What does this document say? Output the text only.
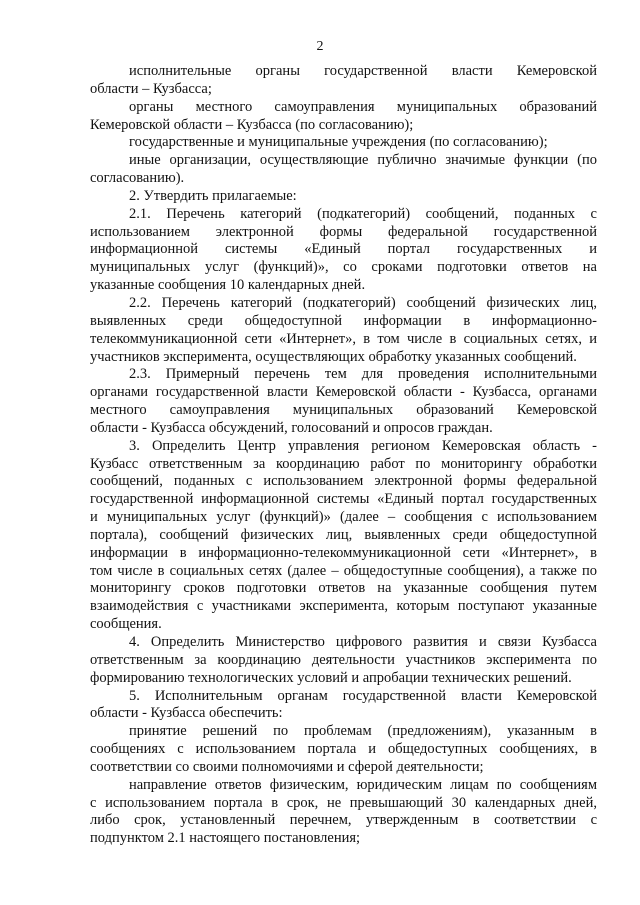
2
исполнительные органы государственной власти Кемеровской
области – Кузбасса;
органы местного самоуправления муниципальных образований
Кемеровской области – Кузбасса (по согласованию);
государственные и муниципальные учреждения (по согласованию);
иные организации, осуществляющие публично значимые функции (по
согласованию).
2. Утвердить прилагаемые:
2.1. Перечень категорий (подкатегорий) сообщений, поданных с
использованием электронной формы федеральной государственной
информационной системы «Единый портал государственных и
муниципальных услуг (функций)», со сроками подготовки ответов на
указанные сообщения 10 календарных дней.
2.2. Перечень категорий (подкатегорий) сообщений физических лиц,
выявленных среди общедоступной информации в информационно-
телекоммуникационной сети «Интернет», в том числе в социальных сетях, и
участников эксперимента, осуществляющих обработку указанных сообщений.
2.3. Примерный перечень тем для проведения исполнительными
органами государственной власти Кемеровской области - Кузбасса, органами
местного самоуправления муниципальных образований Кемеровской
области - Кузбасса обсуждений, голосований и опросов граждан.
3. Определить Центр управления регионом Кемеровская область -
Кузбасс ответственным за координацию работ по мониторингу обработки
сообщений, поданных с использованием электронной формы федеральной
государственной информационной системы «Единый портал государственных
и муниципальных услуг (функций)» (далее – сообщения с использованием
портала), сообщений физических лиц, выявленных среди общедоступной
информации в информационно-телекоммуникационной сети «Интернет», в
том числе в социальных сетях (далее – общедоступные сообщения), а также по
мониторингу сроков подготовки ответов на указанные сообщения путем
взаимодействия с участниками эксперимента, которым поступают указанные
сообщения.
4. Определить Министерство цифрового развития и связи Кузбасса
ответственным за координацию деятельности участников эксперимента по
формированию технологических условий и апробации технических решений.
5. Исполнительным органам государственной власти Кемеровской
области - Кузбасса обеспечить:
принятие решений по проблемам (предложениям), указанным в
сообщениях с использованием портала и общедоступных сообщениях, в
соответствии со своими полномочиями и сферой деятельности;
направление ответов физическим, юридическим лицам по сообщениям
с использованием портала в срок, не превышающий 30 календарных дней,
либо срок, установленный перечнем, утвержденным в соответствии с
подпунктом 2.1 настоящего постановления;
